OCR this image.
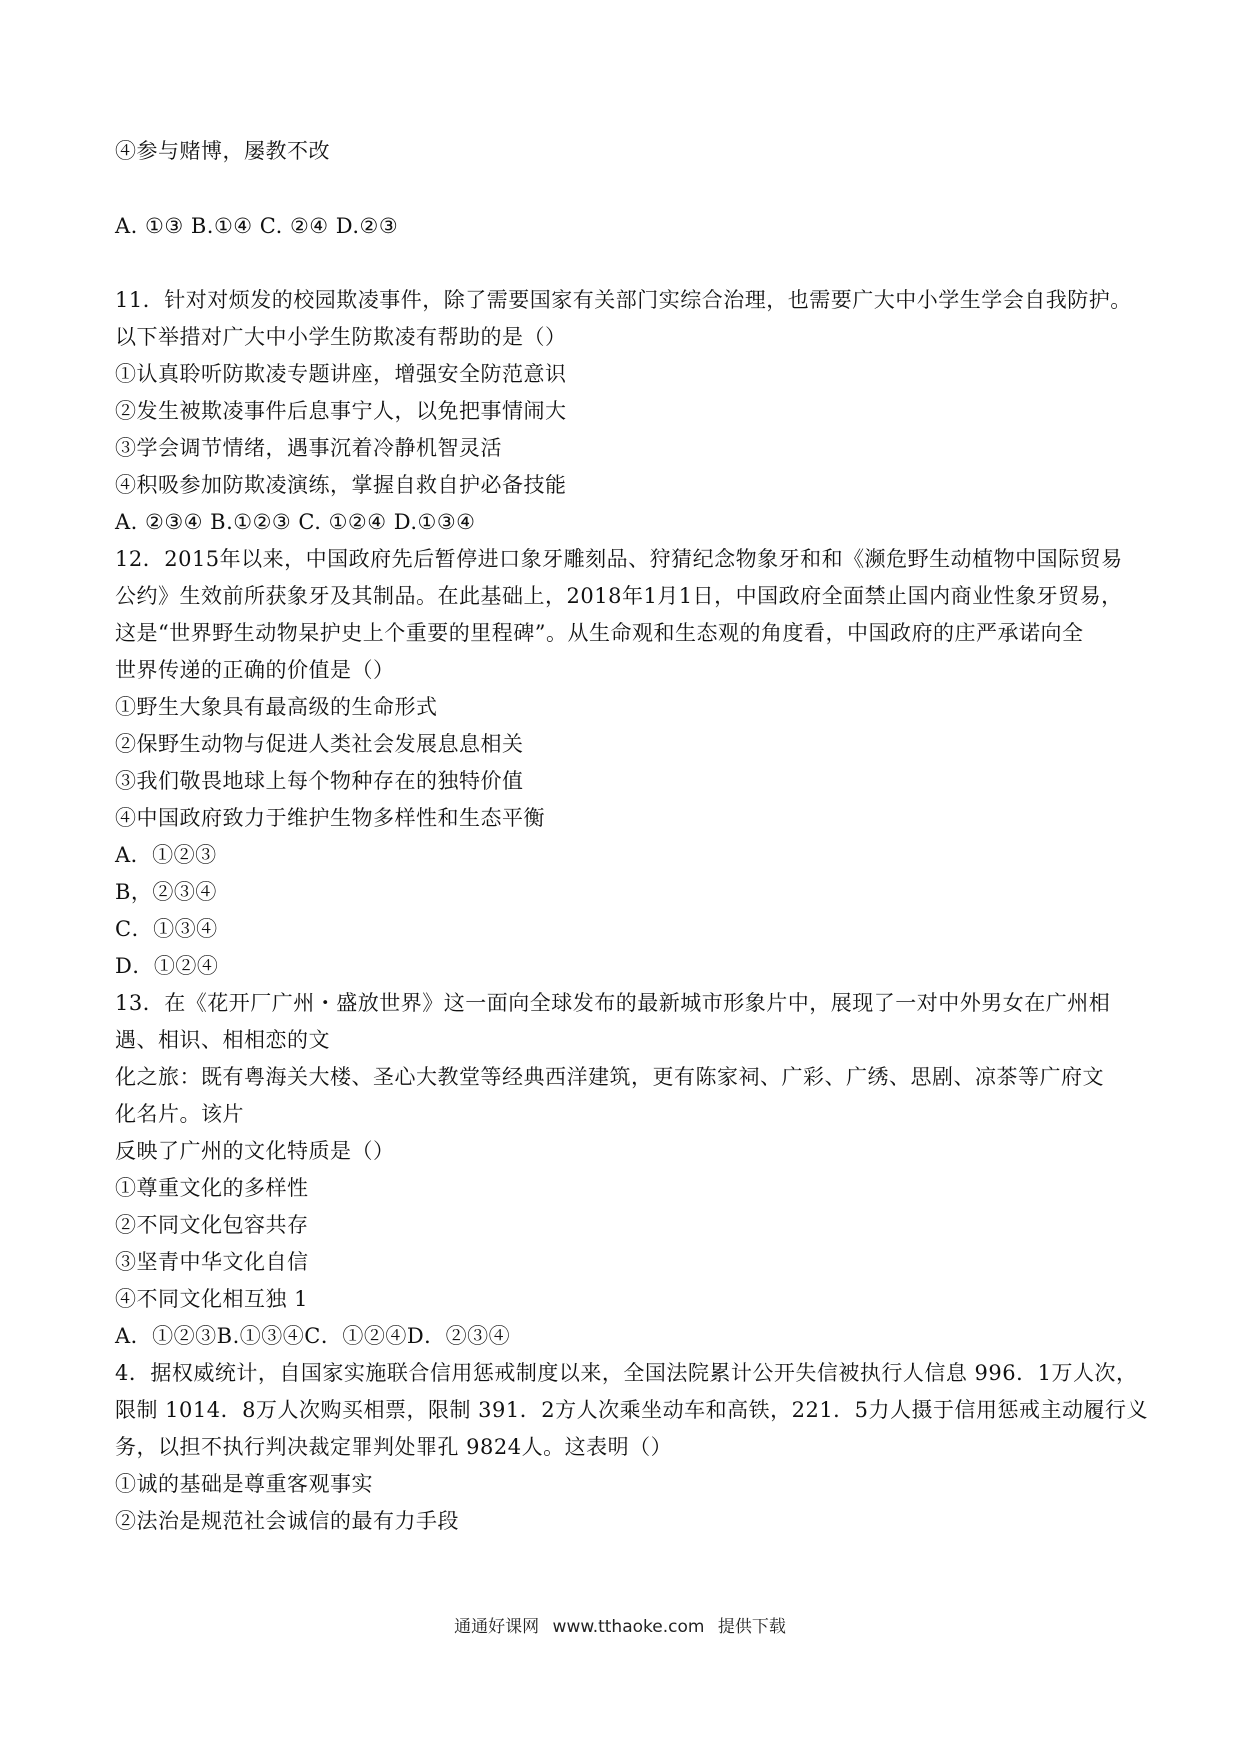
④参与赌博，屡教不改
A. ①③ B.①④ C. ②④ D.②③
11．针对对烦发的校园欺凌事件，除了需要国家有关部门实综合治理，也需要广大中小学生学会自我防护。
以下举措对广大中小学生防欺凌有帮助的是（）
①认真聆听防欺凌专题讲座，增强安全防范意识
②发生被欺凌事件后息事宁人，以免把事情闹大
③学会调节情绪，遇事沉着冷静机智灵活
④积吸参加防欺凌演练，掌握自救自护必备技能
A. ②③④ B.①②③ C. ①②④ D.①③④
12．2015年以来，中国政府先后暂停进口象牙雕刻品、狩猜纪念物象牙和和《濒危野生动植物中国际贸易
公约》生效前所获象牙及其制品。在此基础上，2018年1月1日，中国政府全面禁止国内商业性象牙贸易，
这是“世界野生动物杲护史上个重要的里程碑”。从生命观和生态观的角度看，中国政府的庄严承诺向全
世界传递的正确的价值是（）
①野生大象具有最高级的生命形式
②保野生动物与促进人类社会发展息息相关
③我们敬畏地球上每个物种存在的独特价值
④中国政府致力于维护生物多样性和生态平衡
A．①②③
B，②③④
C．①③④
D．①②④
13．在《花开厂广州・盛放世界》这一面向全球发布的最新城市形象片中，展现了一对中外男女在广州相
遇、相识、相相恋的文
化之旅：既有粤海关大楼、圣心大教堂等经典西洋建筑，更有陈家祠、广彩、广绣、思剧、凉茶等广府文
化名片。该片
反映了广州的文化特质是（）
①尊重文化的多样性
②不同文化包容共存
③坚青中华文化自信
④不同文化相互独 1
A．①②③B.①③④C．①②④D．②③④
4．据权威统计，自国家实施联合信用惩戒制度以来，全国法院累计公开失信被执行人信息 996．1万人次，
限制 1014．8万人次购买相票，限制 391．2方人次乘坐动车和高铁，221．5力人摄于信用惩戒主动履行义
务，以担不执行判决裁定罪判处罪孔 9824人。这表明（）
①诚的基础是尊重客观事实
②法治是规范社会诚信的最有力手段
通通好课网 www.tthaoke.com 提供下载
